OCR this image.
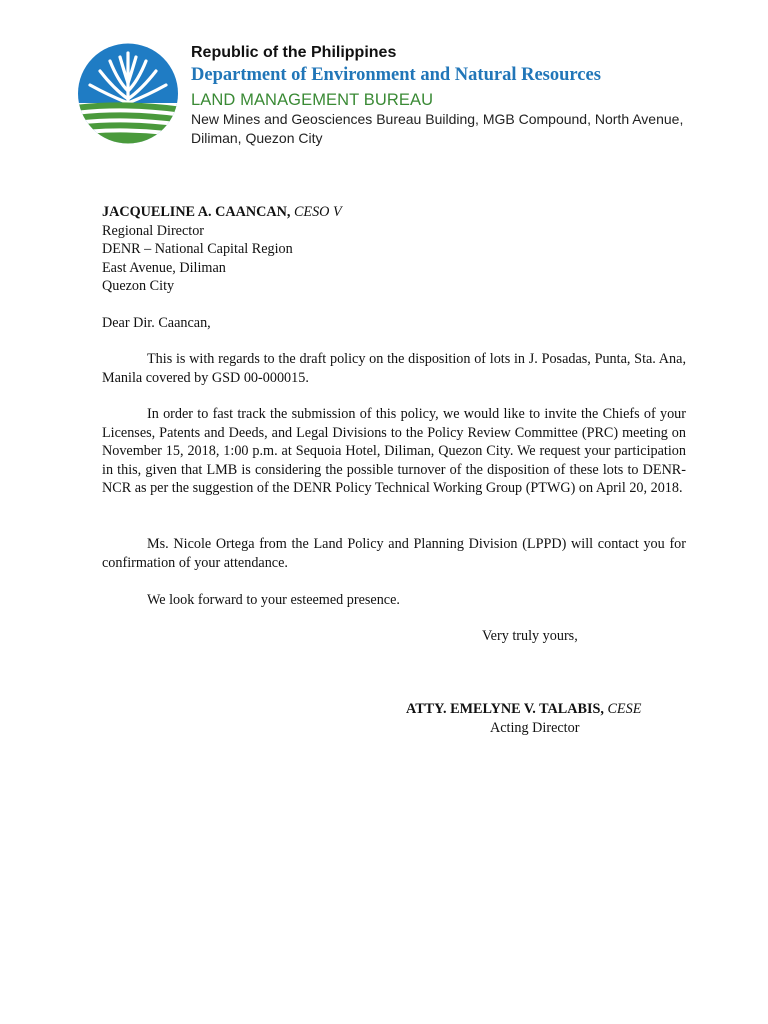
Republic of the Philippines
Department of Environment and Natural Resources
LAND MANAGEMENT BUREAU
New Mines and Geosciences Bureau Building, MGB Compound, North Avenue, Diliman, Quezon City
JACQUELINE A. CAANCAN, CESO V
Regional Director
DENR – National Capital Region
East Avenue, Diliman
Quezon City
Dear Dir. Caancan,

This is with regards to the draft policy on the disposition of lots in J. Posadas, Punta, Sta. Ana, Manila covered by GSD 00-000015.

In order to fast track the submission of this policy, we would like to invite the Chiefs of your Licenses, Patents and Deeds, and Legal Divisions to the Policy Review Committee (PRC) meeting on November 15, 2018, 1:00 p.m. at Sequoia Hotel, Diliman, Quezon City. We request your participation in this, given that LMB is considering the possible turnover of the disposition of these lots to DENR-NCR as per the suggestion of the DENR Policy Technical Working Group (PTWG) on April 20, 2018.

Ms. Nicole Ortega from the Land Policy and Planning Division (LPPD) will contact you for confirmation of your attendance.

We look forward to your esteemed presence.

Very truly yours,
ATTY. EMELYNE V. TALABIS, CESE
Acting Director
